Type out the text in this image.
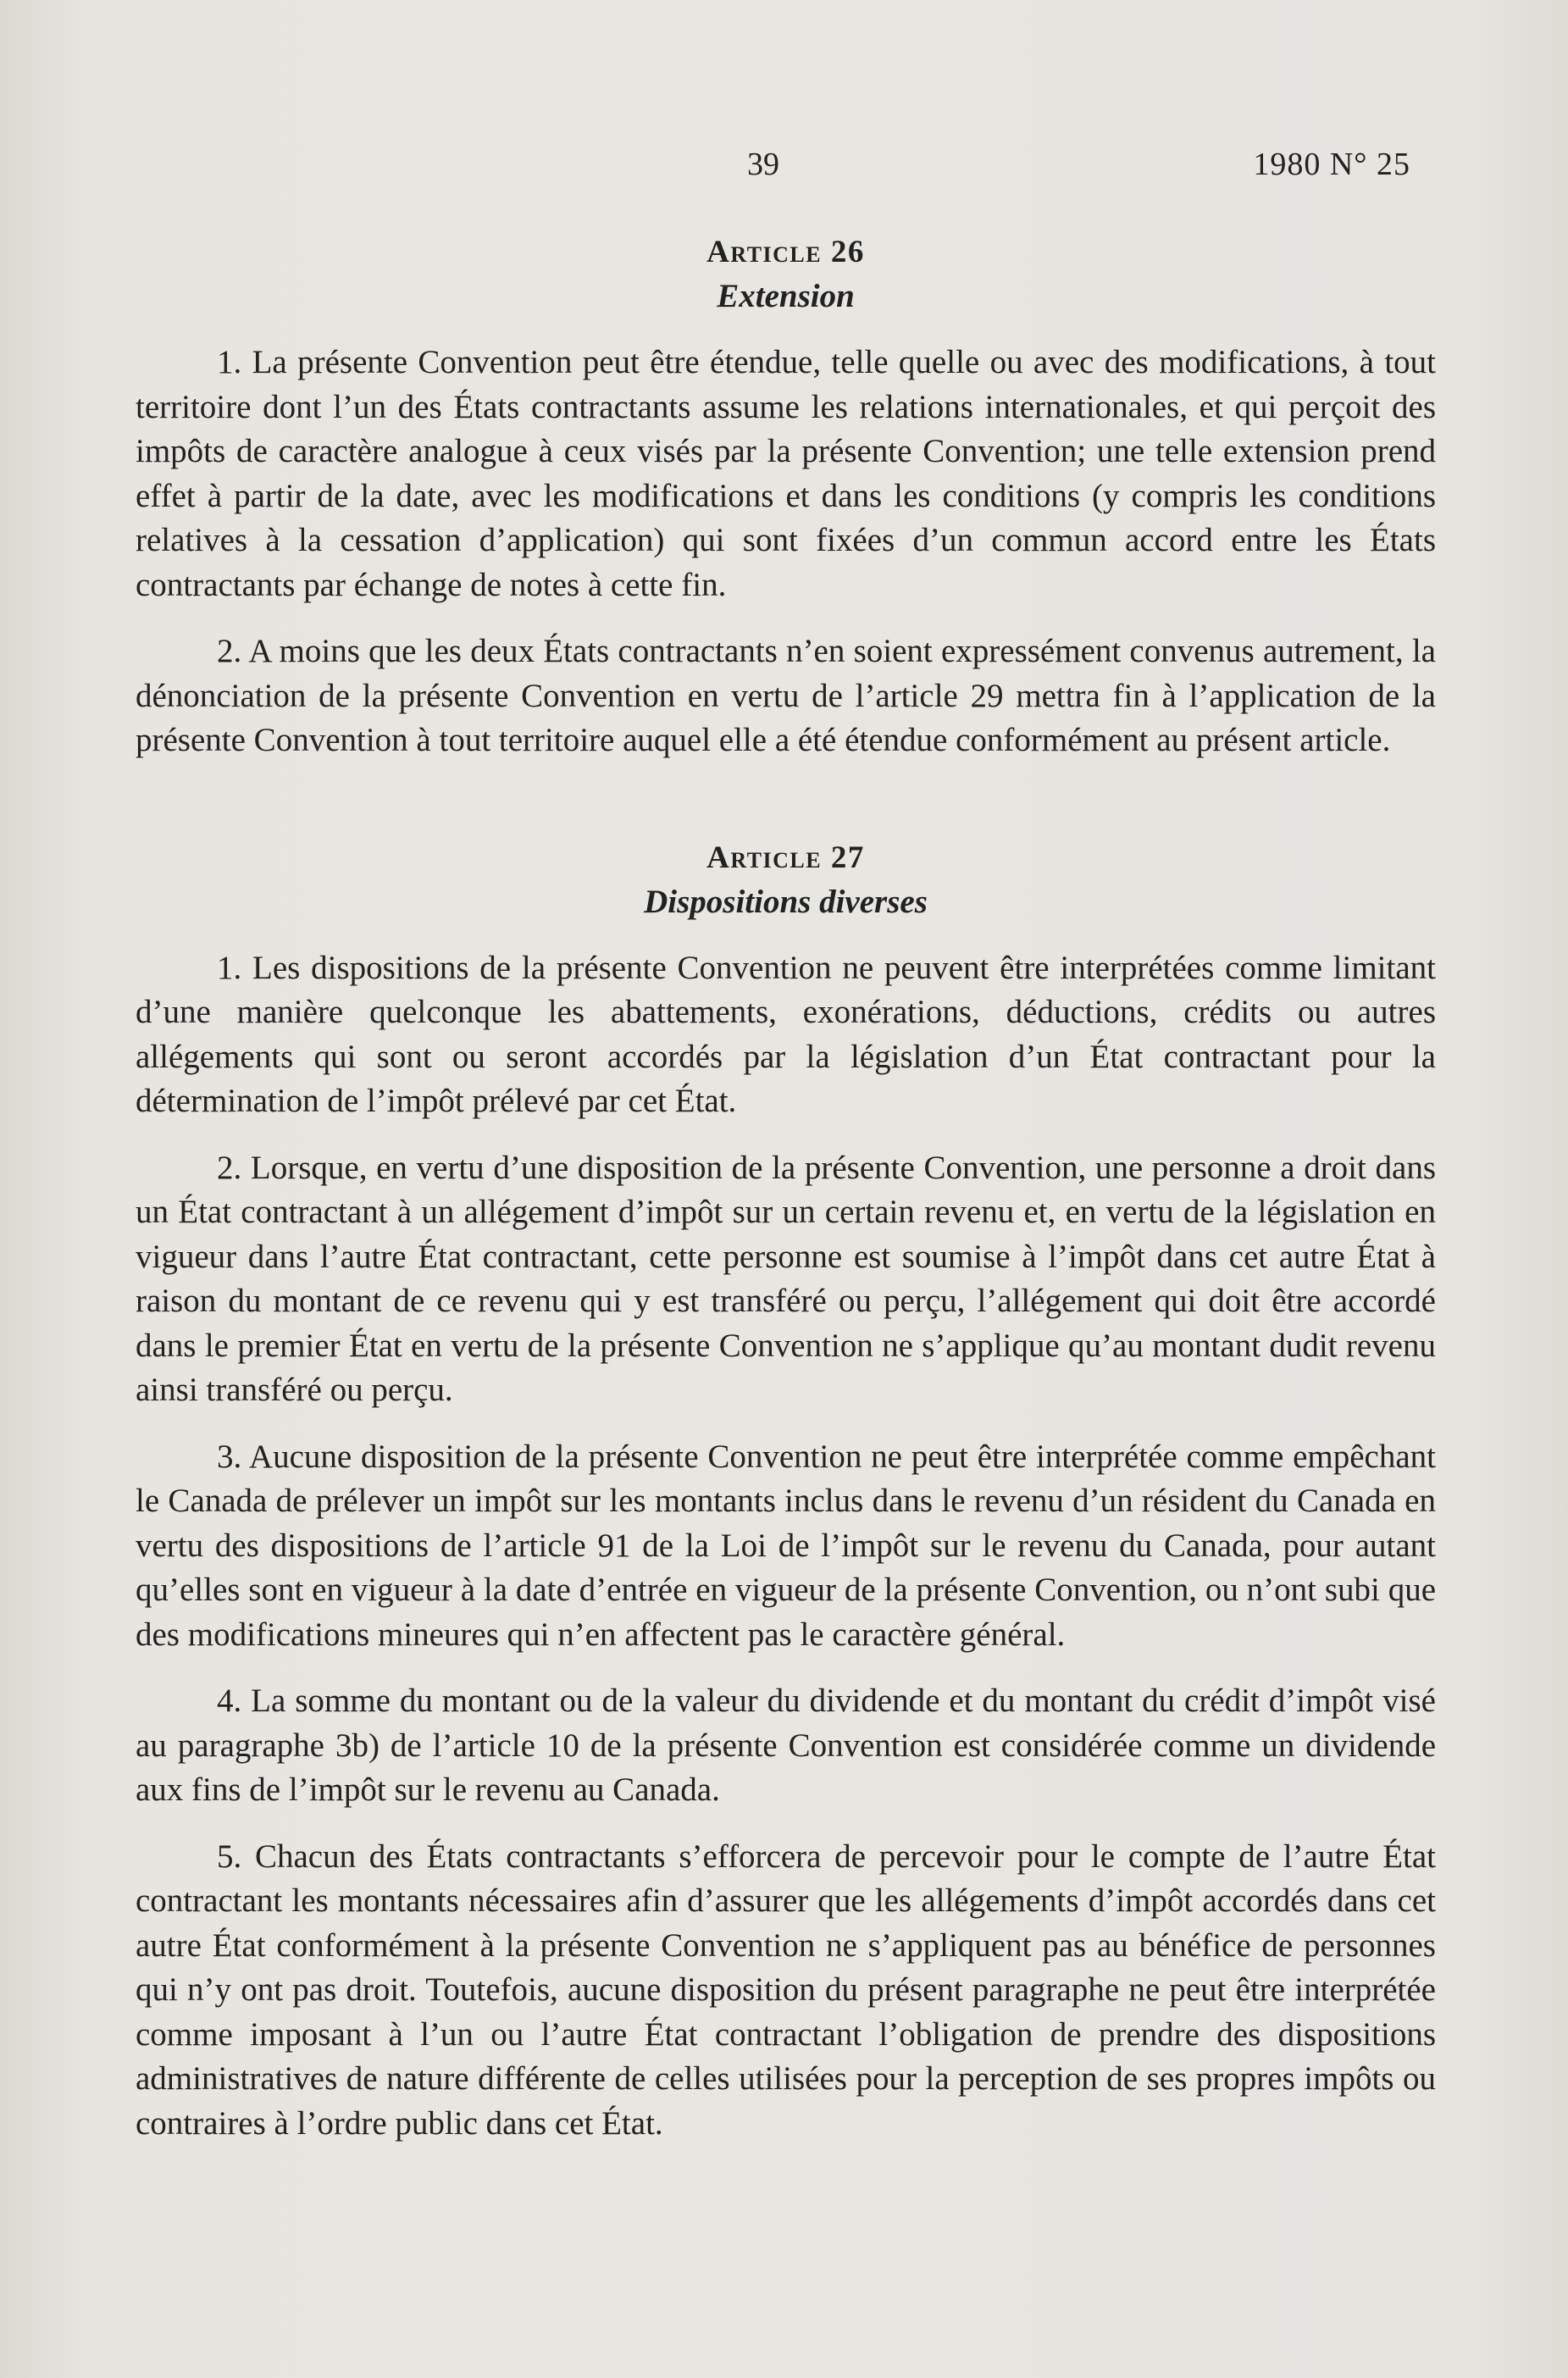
39	1980 N° 25
Article 26
Extension

1. La présente Convention peut être étendue, telle quelle ou avec des modifications, à tout territoire dont l’un des États contractants assume les relations internationales, et qui perçoit des impôts de caractère analogue à ceux visés par la présente Convention; une telle extension prend effet à partir de la date, avec les modifications et dans les conditions (y compris les conditions relatives à la cessation d’application) qui sont fixées d’un commun accord entre les États contractants par échange de notes à cette fin.

2. A moins que les deux États contractants n’en soient expressément convenus autrement, la dénonciation de la présente Convention en vertu de l’article 29 mettra fin à l’application de la présente Convention à tout territoire auquel elle a été étendue conformément au présent article.

Article 27
Dispositions diverses

1. Les dispositions de la présente Convention ne peuvent être interprétées comme limitant d’une manière quelconque les abattements, exonérations, déductions, crédits ou autres allégements qui sont ou seront accordés par la législation d’un État contractant pour la détermination de l’impôt prélevé par cet État.

2. Lorsque, en vertu d’une disposition de la présente Convention, une personne a droit dans un État contractant à un allégement d’impôt sur un certain revenu et, en vertu de la législation en vigueur dans l’autre État contractant, cette personne est soumise à l’impôt dans cet autre État à raison du montant de ce revenu qui y est transféré ou perçu, l’allégement qui doit être accordé dans le premier État en vertu de la présente Convention ne s’applique qu’au montant dudit revenu ainsi transféré ou perçu.

3. Aucune disposition de la présente Convention ne peut être interprétée comme empêchant le Canada de prélever un impôt sur les montants inclus dans le revenu d’un résident du Canada en vertu des dispositions de l’article 91 de la Loi de l’impôt sur le revenu du Canada, pour autant qu’elles sont en vigueur à la date d’entrée en vigueur de la présente Convention, ou n’ont subi que des modifications mineures qui n’en affectent pas le caractère général.

4. La somme du montant ou de la valeur du dividende et du montant du crédit d’impôt visé au paragraphe 3b) de l’article 10 de la présente Convention est considérée comme un dividende aux fins de l’impôt sur le revenu au Canada.

5. Chacun des États contractants s’efforcera de percevoir pour le compte de l’autre État contractant les montants nécessaires afin d’assurer que les allégements d’impôt accordés dans cet autre État conformément à la présente Convention ne s’appliquent pas au bénéfice de personnes qui n’y ont pas droit. Toutefois, aucune disposition du présent paragraphe ne peut être interprétée comme imposant à l’un ou l’autre État contractant l’obligation de prendre des dispositions administratives de nature différente de celles utilisées pour la perception de ses propres impôts ou contraires à l’ordre public dans cet État.
